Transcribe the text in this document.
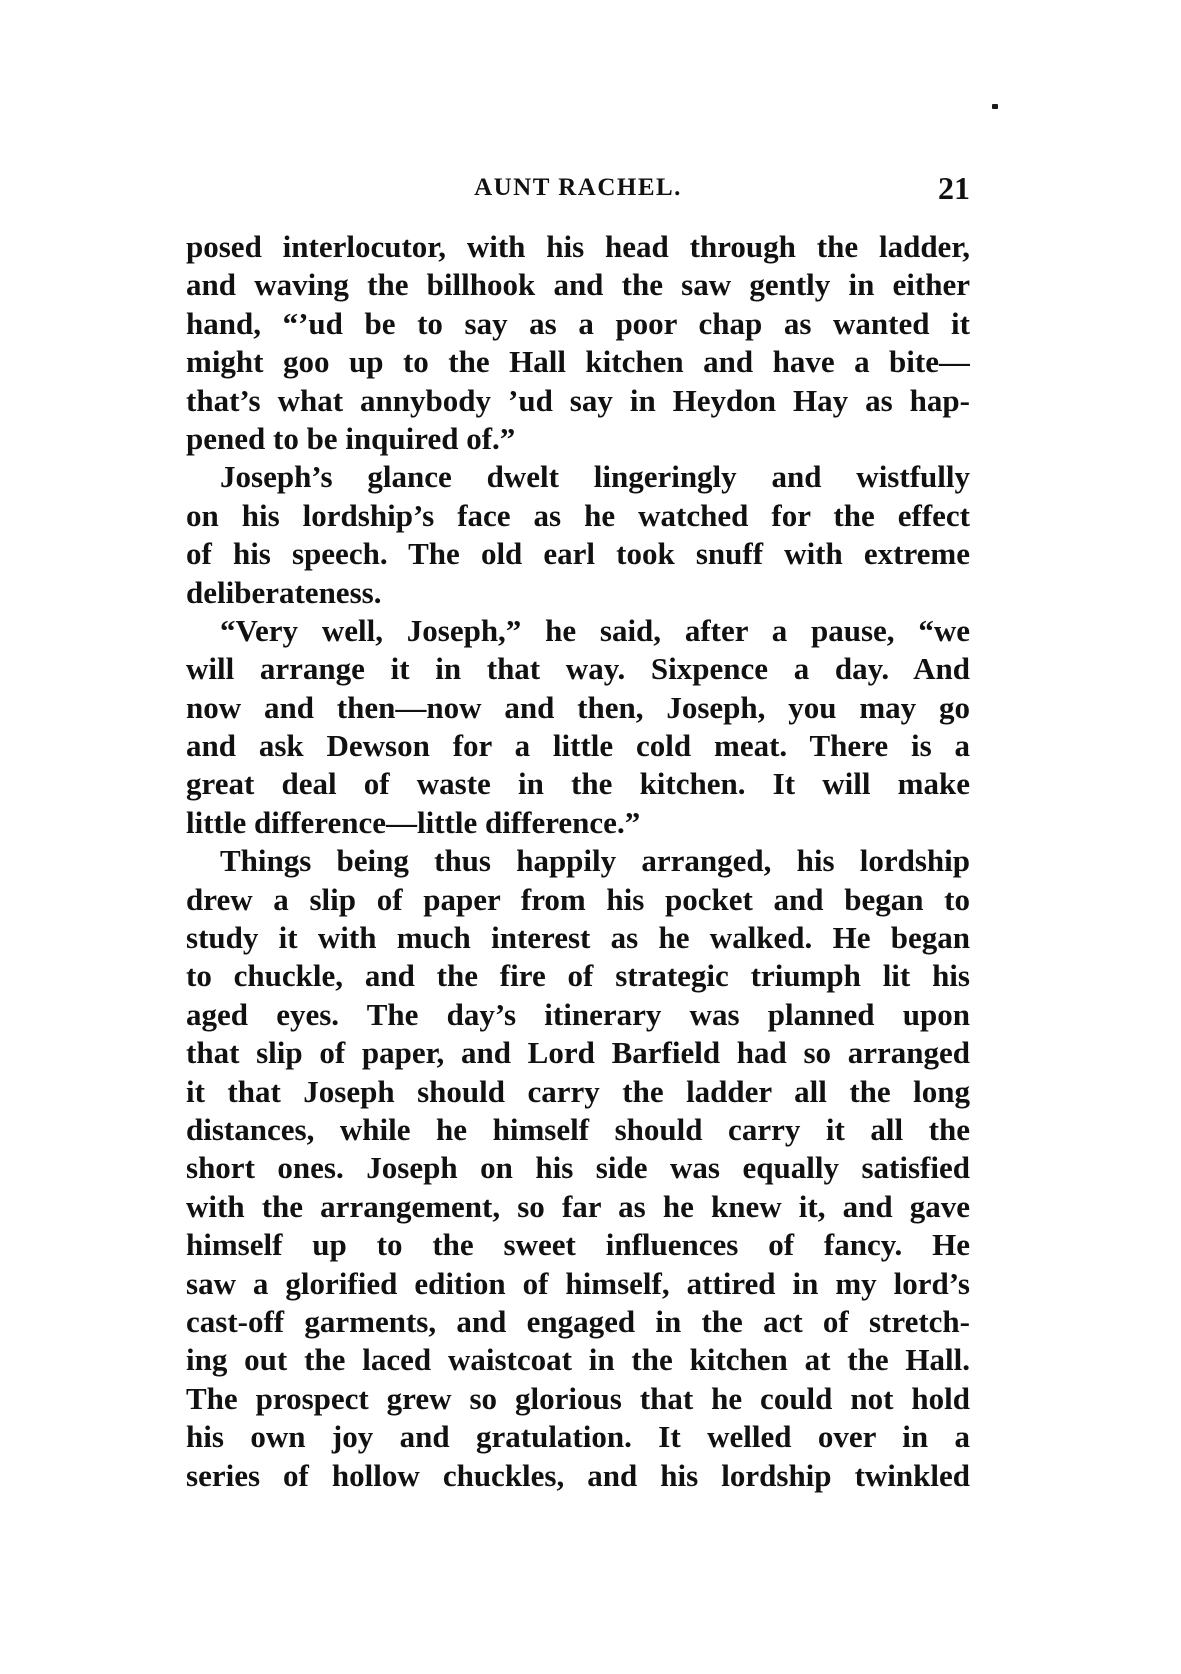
AUNT RACHEL.	21
posed interlocutor, with his head through the ladder,
and waving the billhook and the saw gently in either
hand, “’ud be to say as a poor chap as wanted it
might goo up to the Hall kitchen and have a bite—
that’s what annybody ’ud say in Heydon Hay as hap-
pened to be inquired of.”
Joseph’s glance dwelt lingeringly and wistfully
on his lordship’s face as he watched for the effect
of his speech. The old earl took snuff with extreme
deliberateness.
“Very well, Joseph,” he said, after a pause, “we
will arrange it in that way. Sixpence a day. And
now and then—now and then, Joseph, you may go
and ask Dewson for a little cold meat. There is a
great deal of waste in the kitchen. It will make
little difference—little difference.”
Things being thus happily arranged, his lordship
drew a slip of paper from his pocket and began to
study it with much interest as he walked. He began
to chuckle, and the fire of strategic triumph lit his
aged eyes. The day’s itinerary was planned upon
that slip of paper, and Lord Barfield had so arranged
it that Joseph should carry the ladder all the long
distances, while he himself should carry it all the
short ones. Joseph on his side was equally satisfied
with the arrangement, so far as he knew it, and gave
himself up to the sweet influences of fancy. He
saw a glorified edition of himself, attired in my lord’s
cast-off garments, and engaged in the act of stretch-
ing out the laced waistcoat in the kitchen at the Hall.
The prospect grew so glorious that he could not hold
his own joy and gratulation. It welled over in a
series of hollow chuckles, and his lordship twinkled
